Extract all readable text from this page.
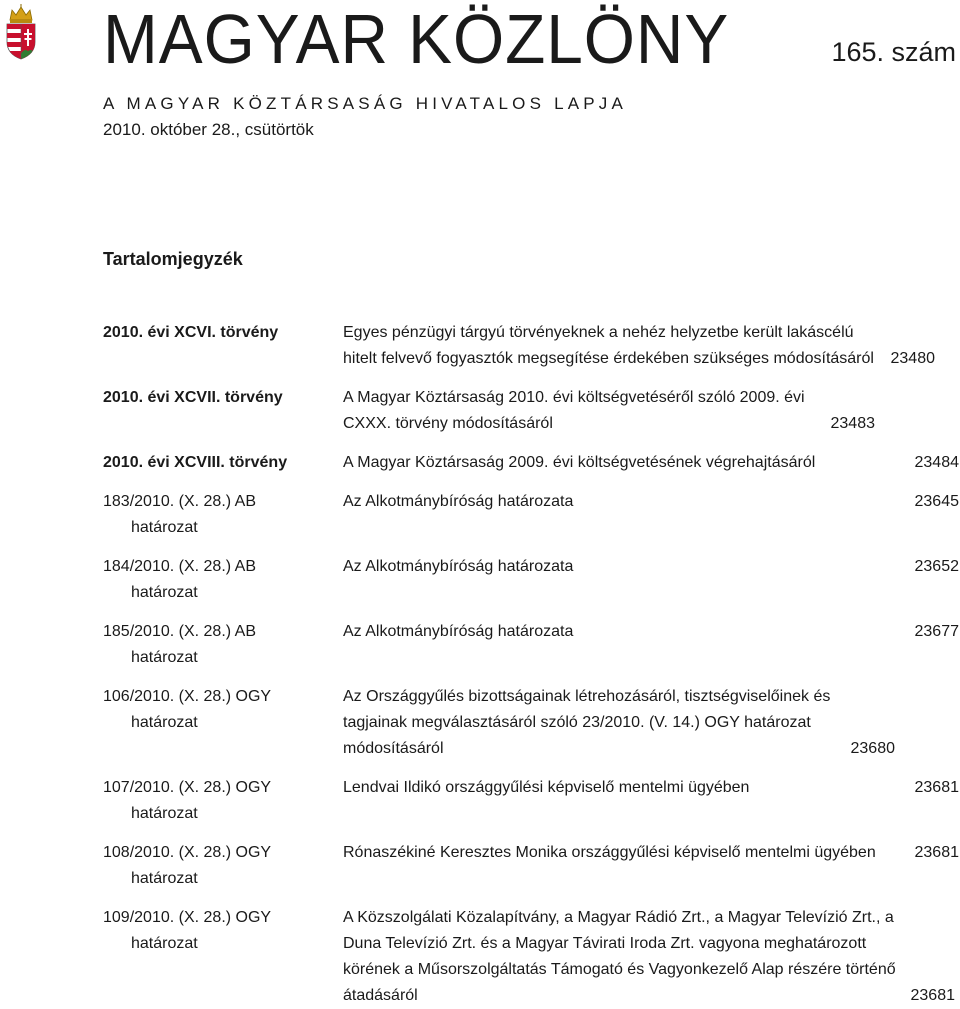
MAGYAR KÖZLÖNY	165. szám
A MAGYAR KÖZTÁRSASÁG HIVATALOS LAPJA
2010. október 28., csütörtök
Tartalomjegyzék
2010. évi XCVI. törvény	Egyes pénzügyi tárgyú törvényeknek a nehéz helyzetbe került lakáscélú hitelt felvevő fogyasztók megsegítése érdekében szükséges módosításáról	23480
2010. évi XCVII. törvény	A Magyar Köztársaság 2010. évi költségvetéséről szóló 2009. évi CXXX. törvény módosításáról	23483
2010. évi XCVIII. törvény	A Magyar Köztársaság 2009. évi költségvetésének végrehajtásáról	23484
183/2010. (X. 28.) AB
határozat
Az Alkotmánybíróság határozata	23645
184/2010. (X. 28.) AB
határozat
Az Alkotmánybíróság határozata	23652
185/2010. (X. 28.) AB
határozat
Az Alkotmánybíróság határozata	23677
106/2010. (X. 28.) OGY
határozat
Az Országgyűlés bizottságainak létrehozásáról, tisztségviselőinek és tagjainak megválasztásáról szóló 23/2010. (V. 14.) OGY határozat módosításáról	23680
107/2010. (X. 28.) OGY
határozat
Lendvai Ildikó országgyűlési képviselő mentelmi ügyében	23681
108/2010. (X. 28.) OGY
határozat
Rónaszékiné Keresztes Monika országgyűlési képviselő mentelmi ügyében	23681
109/2010. (X. 28.) OGY
határozat
A Közszolgálati Közalapítvány, a Magyar Rádió Zrt., a Magyar Televízió Zrt., a Duna Televízió Zrt. és a Magyar Távirati Iroda Zrt. vagyona meghatározott körének a Műsorszolgáltatás Támogató és Vagyonkezelő Alap részére történő átadásáról	23681
